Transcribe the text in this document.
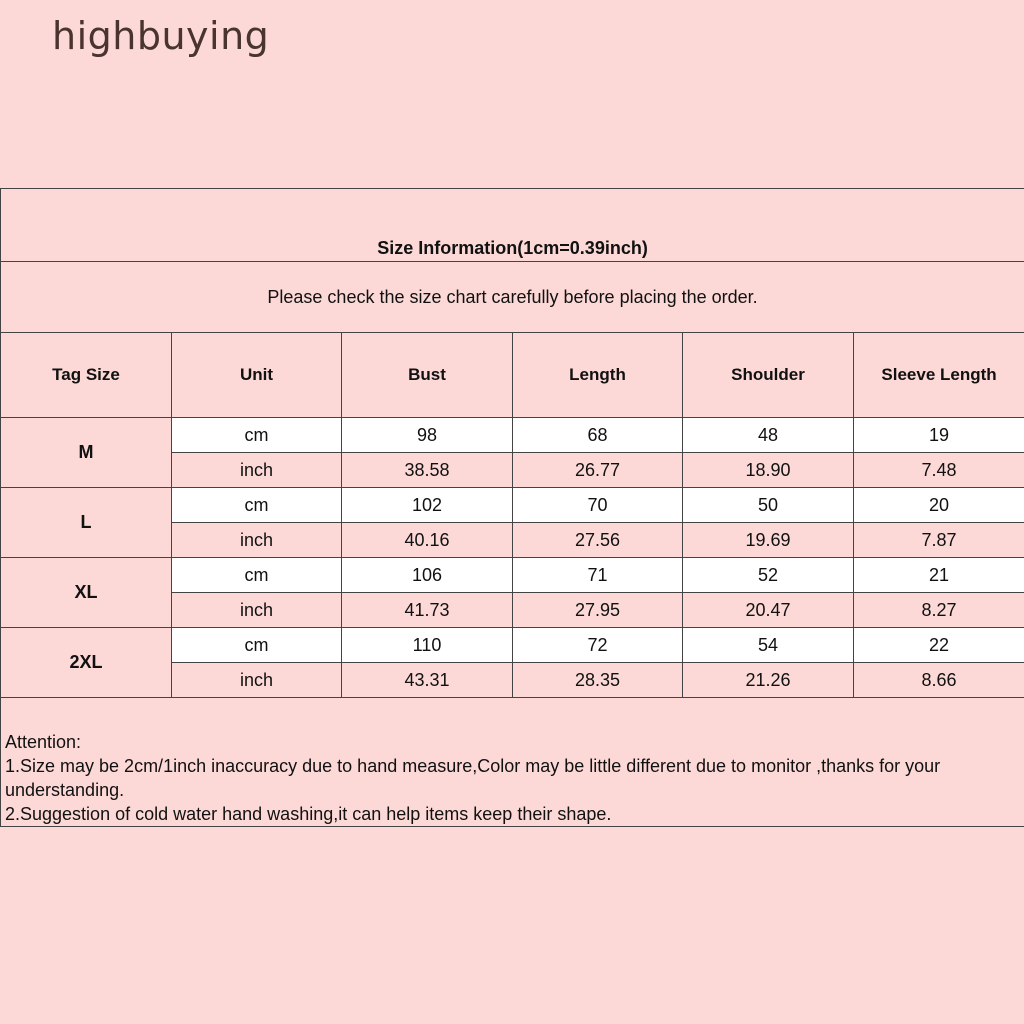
highbuying
Size Information(1cm=0.39inch)					
Please check the size chart carefully before placing the order.					
Tag Size	Unit	Bust	Length	Shoulder	Sleeve Length
M	cm	98	68	48	19
	inch	38.58	26.77	18.90	7.48
L	cm	102	70	50	20
	inch	40.16	27.56	19.69	7.87
XL	cm	106	71	52	21
	inch	41.73	27.95	20.47	8.27
2XL	cm	110	72	54	22
	inch	43.31	28.35	21.26	8.66

Attention:
1.Size may be 2cm/1inch inaccuracy due to hand measure,Color may be little different due to monitor ,thanks for your understanding.
2.Suggestion of cold water hand washing,it can help items keep their shape.					
